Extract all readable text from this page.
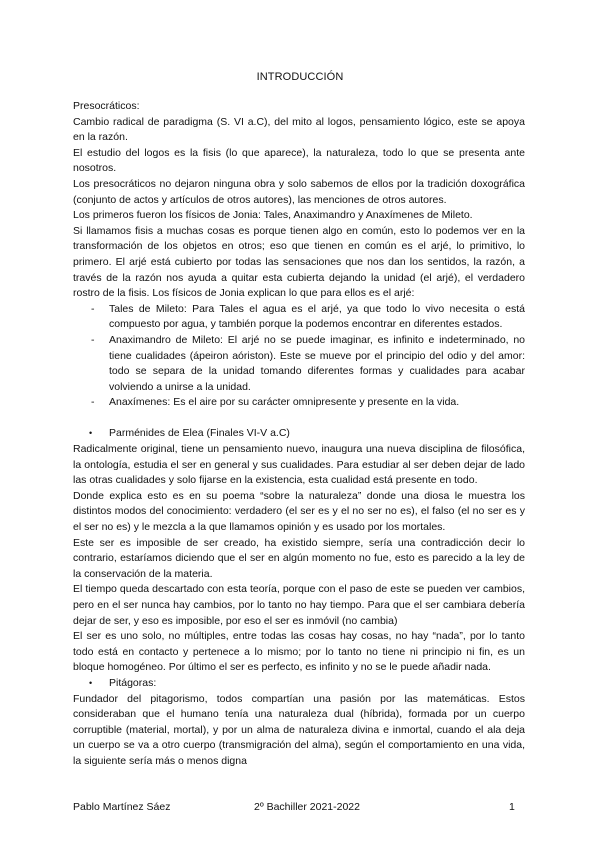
INTRODUCCIÓN

Presocráticos:

Cambio radical de paradigma (S. VI a.C), del mito al logos, pensamiento lógico, este se apoya en la razón.

El estudio del logos es la fisis (lo que aparece), la naturaleza, todo lo que se presenta ante nosotros.

Los presocráticos no dejaron ninguna obra y solo sabemos de ellos por la tradición doxográfica (conjunto de actos y artículos de otros autores), las menciones de otros autores.

Los primeros fueron los físicos de Jonia: Tales, Anaximandro y Anaxímenes de Mileto.

Si llamamos fisis a muchas cosas es porque tienen algo en común, esto lo podemos ver en la transformación de los objetos en otros; eso que tienen en común es el arjé, lo primitivo, lo primero. El arjé está cubierto por todas las sensaciones que nos dan los sentidos, la razón, a través de la razón nos ayuda a quitar esta cubierta dejando la unidad (el arjé), el verdadero rostro de la fisis. Los físicos de Jonia explican lo que para ellos es el arjé:

- Tales de Mileto: Para Tales el agua es el arjé, ya que todo lo vivo necesita o está compuesto por agua, y también porque la podemos encontrar en diferentes estados.
- Anaximandro de Mileto: El arjé no se puede imaginar, es infinito e indeterminado, no tiene cualidades (ápeiron aóriston). Este se mueve por el principio del odio y del amor: todo se separa de la unidad tomando diferentes formas y cualidades para acabar volviendo a unirse a la unidad.
- Anaxímenes: Es el aire por su carácter omnipresente y presente en la vida.

• Parménides de Elea (Finales VI-V a.C)

Radicalmente original, tiene un pensamiento nuevo, inaugura una nueva disciplina de filosófica, la ontología, estudia el ser en general y sus cualidades. Para estudiar al ser deben dejar de lado las otras cualidades y solo fijarse en la existencia, esta cualidad está presente en todo.

Donde explica esto es en su poema “sobre la naturaleza” donde una diosa le muestra los distintos modos del conocimiento: verdadero (el ser es y el no ser no es), el falso (el no ser es y el ser no es) y le mezcla a la que llamamos opinión y es usado por los mortales.

Este ser es imposible de ser creado, ha existido siempre, sería una contradicción decir lo contrario, estaríamos diciendo que el ser en algún momento no fue, esto es parecido a la ley de la conservación de la materia.

El tiempo queda descartado con esta teoría, porque con el paso de este se pueden ver cambios, pero en el ser nunca hay cambios, por lo tanto no hay tiempo. Para que el ser cambiara debería dejar de ser, y eso es imposible, por eso el ser es inmóvil (no cambia)

El ser es uno solo, no múltiples, entre todas las cosas hay cosas, no hay “nada”, por lo tanto todo está en contacto y pertenece a lo mismo; por lo tanto no tiene ni principio ni fin, es un bloque homogéneo. Por último el ser es perfecto, es infinito y no se le puede añadir nada.

• Pitágoras:

Fundador del pitagorismo, todos compartían una pasión por las matemáticas. Estos consideraban que el humano tenía una naturaleza dual (híbrida), formada por un cuerpo corruptible (material, mortal), y por un alma de naturaleza divina e inmortal, cuando el ala deja un cuerpo se va a otro cuerpo (transmigración del alma), según el comportamiento en una vida, la siguiente sería más o menos digna

Pablo Martínez Sáez	2º Bachiller 2021-2022	1
